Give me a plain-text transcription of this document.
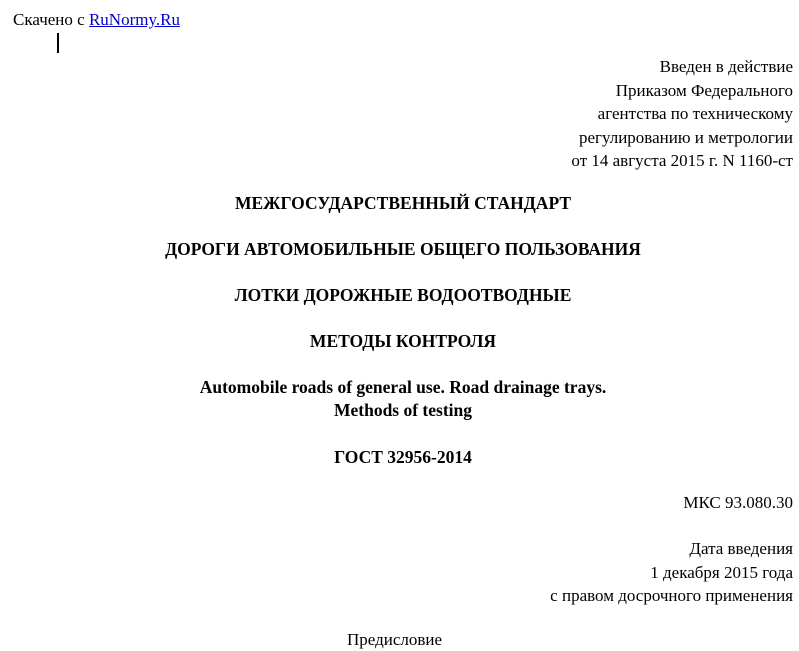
Скачено с RuNormy.Ru
Введен в действие
Приказом Федерального
агентства по техническому
регулированию и метрологии
от 14 августа 2015 г. N 1160-ст
МЕЖГОСУДАРСТВЕННЫЙ СТАНДАРТ
ДОРОГИ АВТОМОБИЛЬНЫЕ ОБЩЕГО ПОЛЬЗОВАНИЯ
ЛОТКИ ДОРОЖНЫЕ ВОДООТВОДНЫЕ
МЕТОДЫ КОНТРОЛЯ
Automobile roads of general use. Road drainage trays.
Methods of testing
ГОСТ 32956-2014
МКС 93.080.30
Дата введения
1 декабря 2015 года
с правом досрочного применения
Предисловие
